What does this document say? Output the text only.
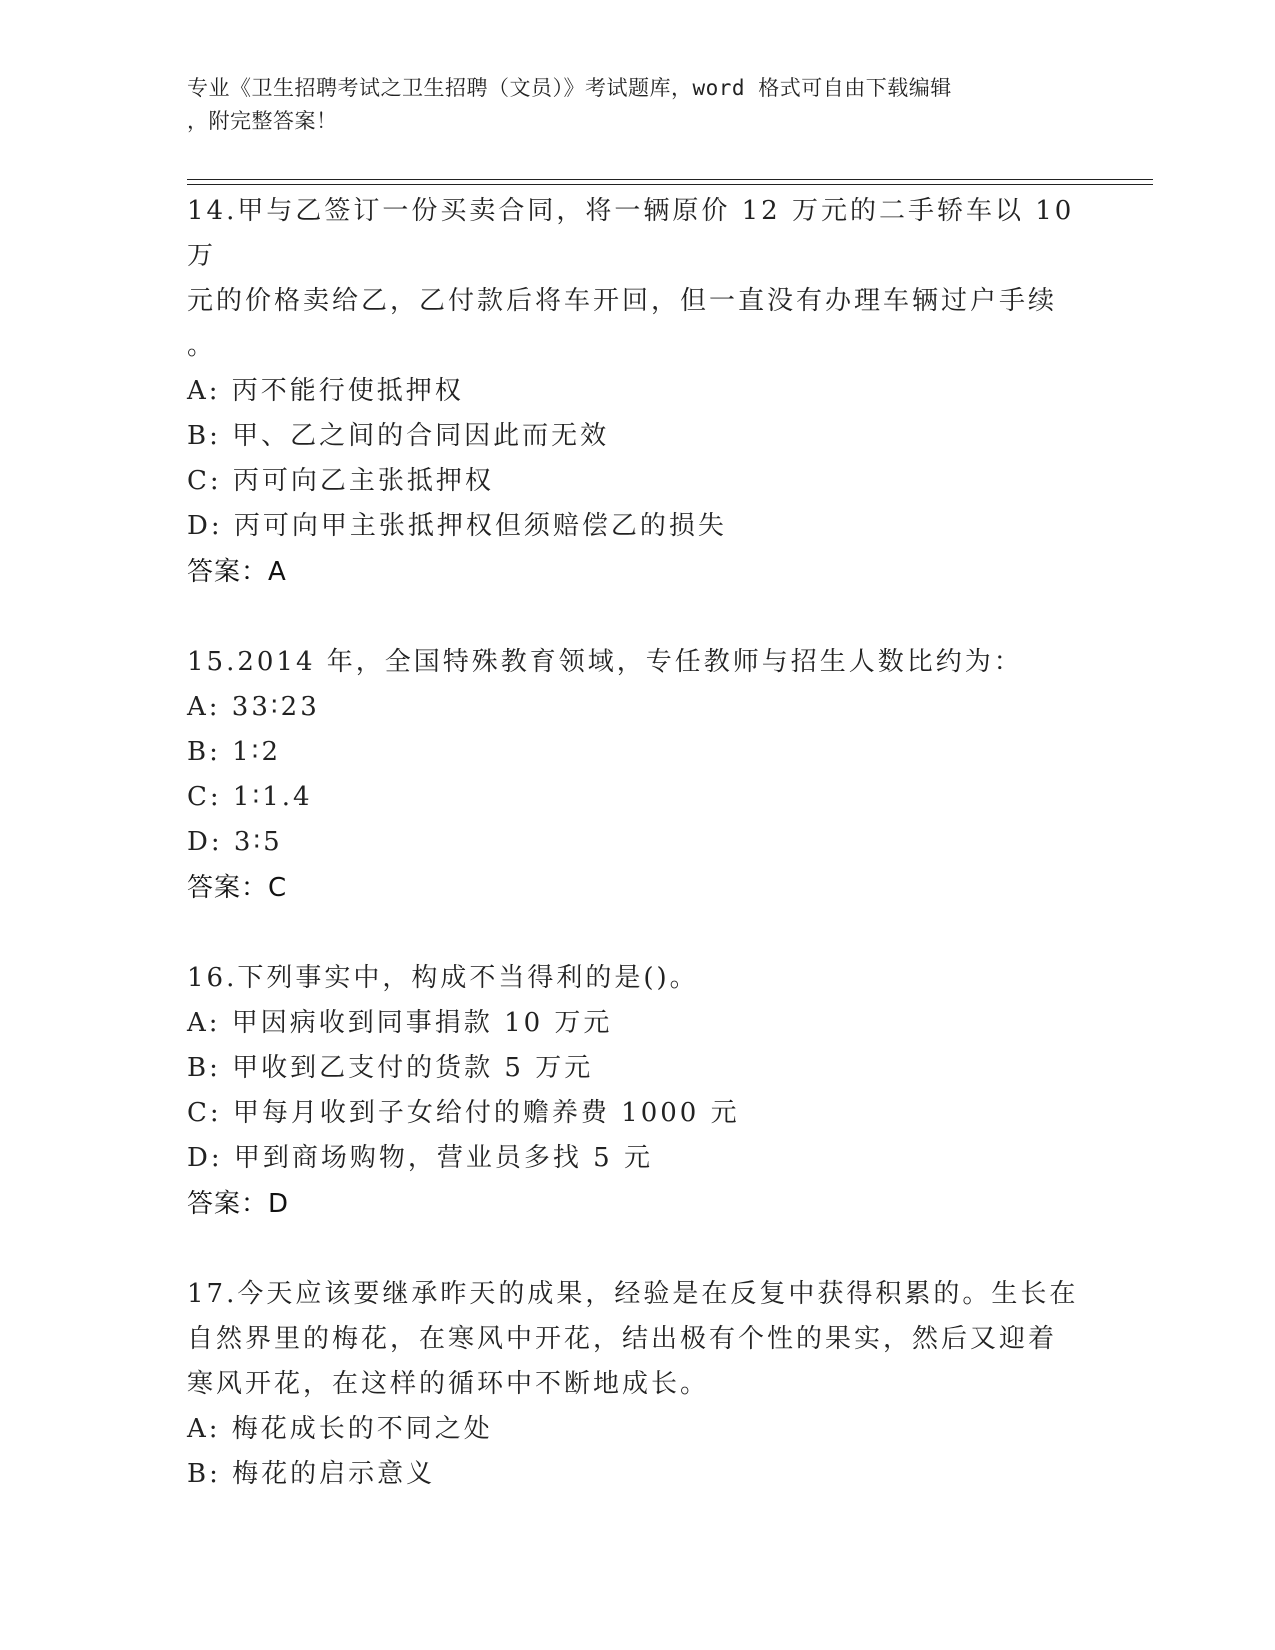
专业《卫生招聘考试之卫生招聘（文员）》考试题库，word 格式可自由下载编辑
，附完整答案！
14.甲与乙签订一份买卖合同，将一辆原价 12 万元的二手轿车以 10 万
元的价格卖给乙，乙付款后将车开回，但一直没有办理车辆过户手续
。
A: 丙不能行使抵押权
B: 甲、乙之间的合同因此而无效
C: 丙可向乙主张抵押权
D: 丙可向甲主张抵押权但须赔偿乙的损失
答案：A
15.2014 年，全国特殊教育领域，专任教师与招生人数比约为：
A: 33∶23
B: 1∶2
C: 1∶1.4
D: 3∶5
答案：C
16.下列事实中，构成不当得利的是()。
A: 甲因病收到同事捐款 10 万元
B: 甲收到乙支付的货款 5 万元
C: 甲每月收到子女给付的赡养费 1000 元
D: 甲到商场购物，营业员多找 5 元
答案：D
17.今天应该要继承昨天的成果，经验是在反复中获得积累的。生长在
自然界里的梅花，在寒风中开花，结出极有个性的果实，然后又迎着
寒风开花，在这样的循环中不断地成长。
A: 梅花成长的不同之处
B: 梅花的启示意义
